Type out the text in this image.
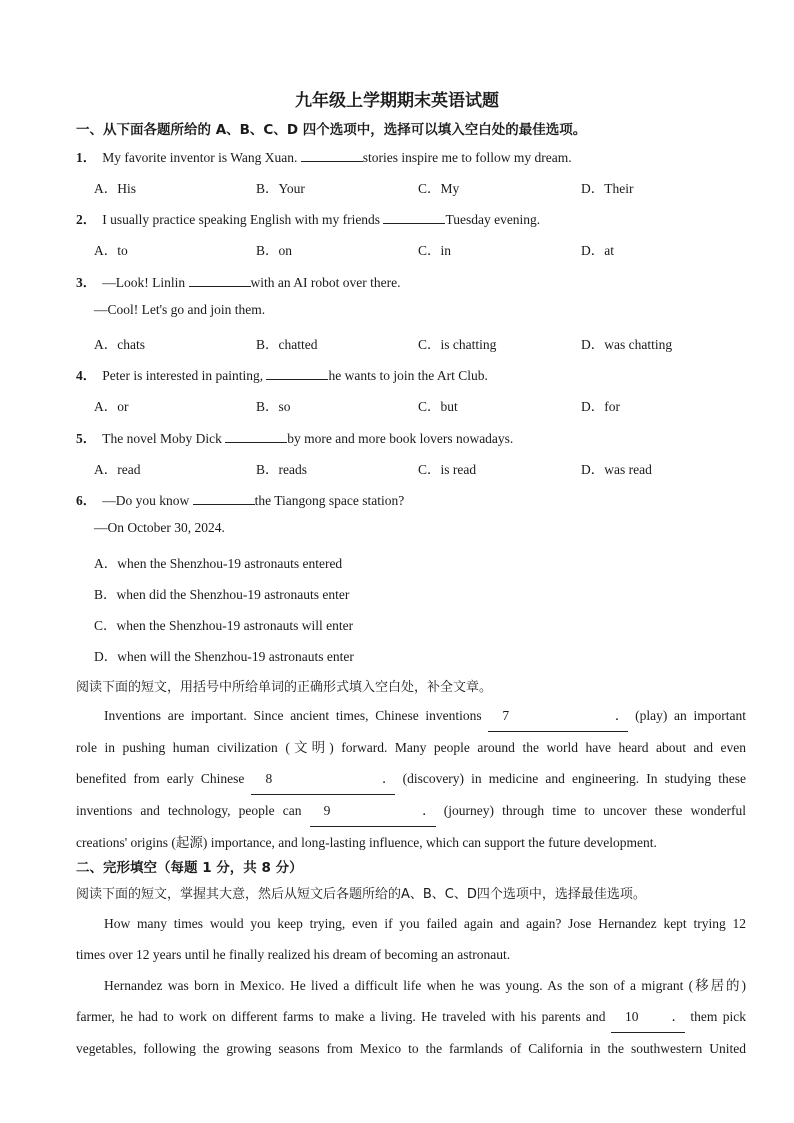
九年级上学期期末英语试题
一、从下面各题所给的 A、B、C、D 四个选项中，选择可以填入空白处的最佳选项。
1． My favorite inventor is Wang Xuan.	stories inspire me to follow my dream.
A．His	B．Your	C．My	D．Their
2． I usually practice speaking English with my friends	Tuesday evening.
A．to	B．on	C．in	D．at
3． —Look! Linlin	with an AI robot over there.
—Cool! Let's go and join them.
A．chats	B．chatted	C．is chatting	D．was chatting
4． Peter is interested in painting,	he wants to join the Art Club.
A．or	B．so	C．but	D．for
5． The novel Moby Dick	by more and more book lovers nowadays.
A．read	B．reads	C．is read	D．was read
6． —Do you know	the Tiangong space station?
—On October 30, 2024.
A．when the Shenzhou-19 astronauts entered
B．when did the Shenzhou-19 astronauts enter
C．when the Shenzhou-19 astronauts will enter
D．when will the Shenzhou-19 astronauts enter
阅读下面的短文，用括号中所给单词的正确形式填入空白处，补全文章。
Inventions are important. Since ancient times, Chinese inventions 7． (play) an important
role in pushing human civilization (文明) forward. Many people around the world have heard about and even
benefited from early Chinese 8． (discovery) in medicine and engineering. In studying these
inventions and technology, people can 9． (journey) through time to uncover these wonderful
creations' origins (起源) importance, and long-lasting influence, which can support the future development.
二、完形填空（每题 1 分，共 8 分）
阅读下面的短文，掌握其大意，然后从短文后各题所给的A、B、C、D四个选项中，选择最佳选项。
How many times would you keep trying, even if you failed again and again? Jose Hernandez kept trying 12
times over 12 years until he finally realized his dream of becoming an astronaut.
Hernandez was born in Mexico. He lived a difficult life when he was young. As the son of a migrant (移居的)
farmer, he had to work on different farms to make a living. He traveled with his parents and 10． them pick
vegetables, following the growing seasons from Mexico to the farmlands of California in the southwestern United
